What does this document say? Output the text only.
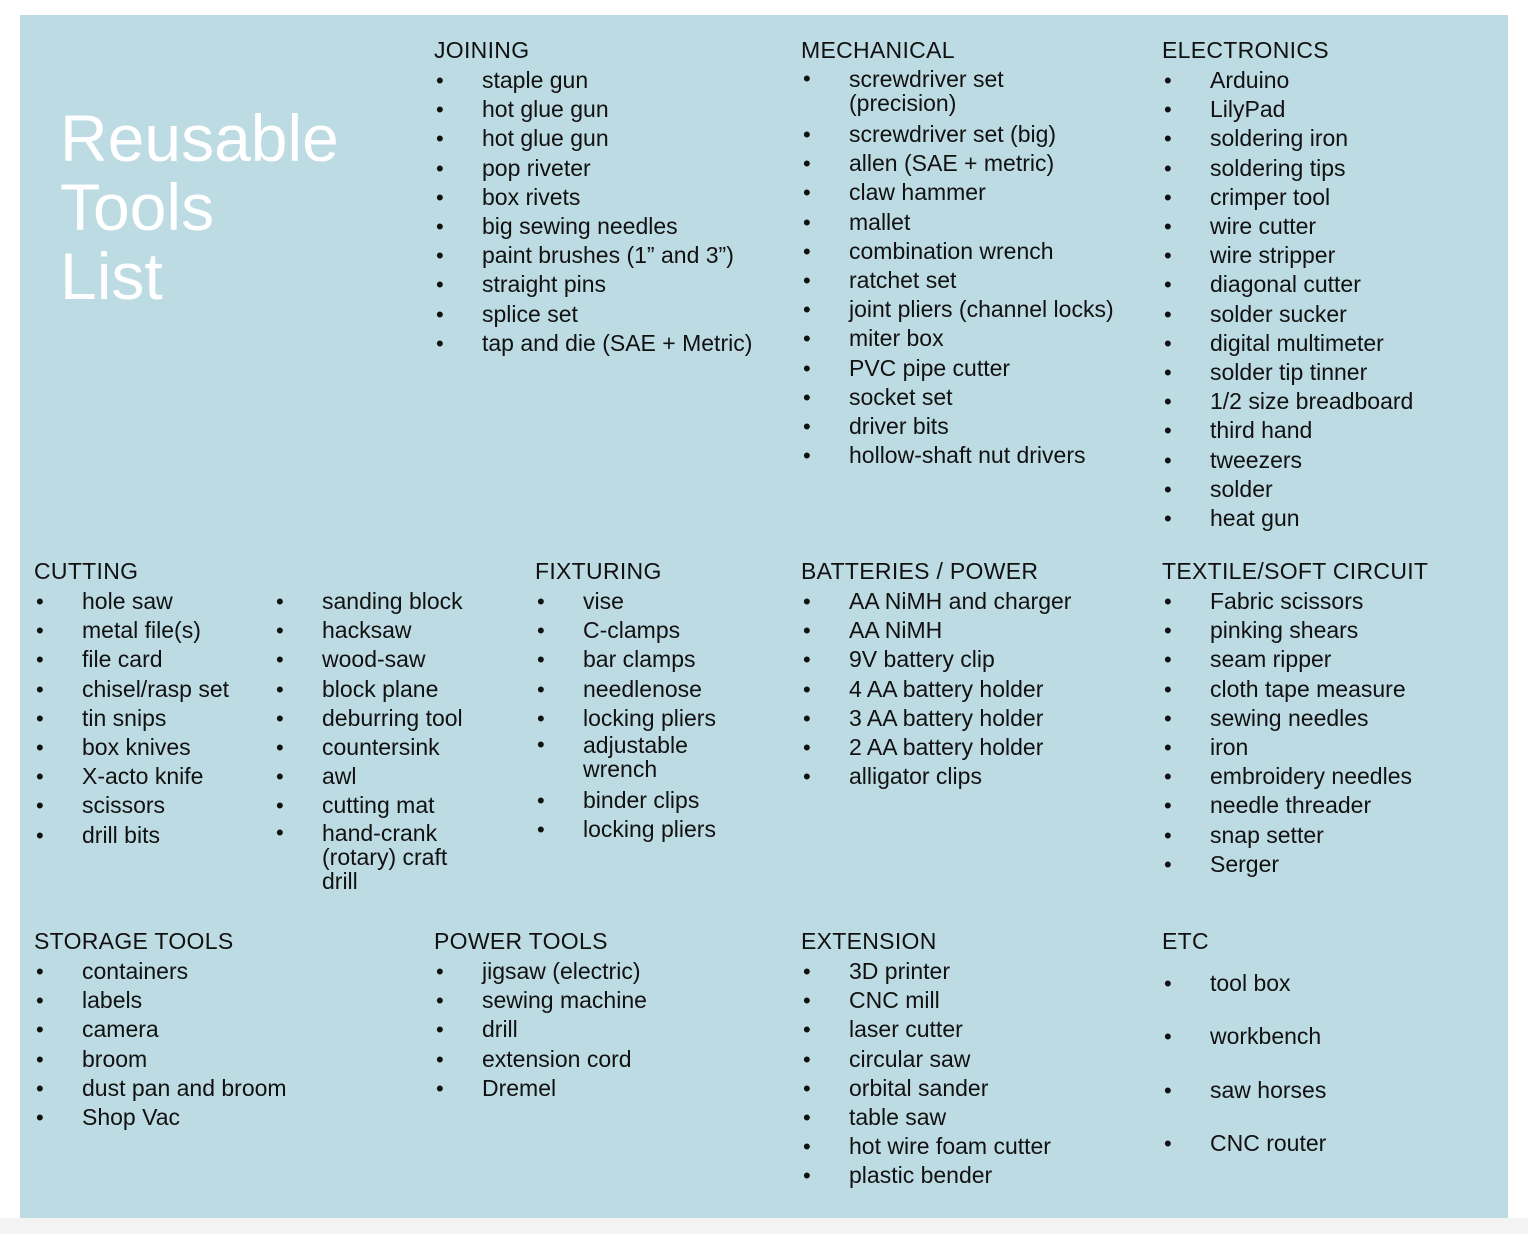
Reusable
Tools
List
JOINING
• staple gun
• hot glue gun
• hot glue gun
• pop riveter
• box rivets
• big sewing needles
• paint brushes (1” and 3”)
• straight pins
• splice set
• tap and die (SAE + Metric)
MECHANICAL
• screwdriver set (precision)
• screwdriver set (big)
• allen (SAE + metric)
• claw hammer
• mallet
• combination wrench
• ratchet set
• joint pliers (channel locks)
• miter box
• PVC pipe cutter
• socket set
• driver bits
• hollow-shaft nut drivers
ELECTRONICS
• Arduino
• LilyPad
• soldering iron
• soldering tips
• crimper tool
• wire cutter
• wire stripper
• diagonal cutter
• solder sucker
• digital multimeter
• solder tip tinner
• 1/2 size breadboard
• third hand
• tweezers
• solder
• heat gun
CUTTING
• hole saw
• metal file(s)
• file card
• chisel/rasp set
• tin snips
• box knives
• X-acto knife
• scissors
• drill bits
• sanding block
• hacksaw
• wood-saw
• block plane
• deburring tool
• countersink
• awl
• cutting mat
• hand-crank (rotary) craft drill
FIXTURING
• vise
• C-clamps
• bar clamps
• needlenose
• locking pliers
• adjustable wrench
• binder clips
• locking pliers
BATTERIES / POWER
• AA NiMH and charger
• AA NiMH
• 9V battery clip
• 4 AA battery holder
• 3 AA battery holder
• 2 AA battery holder
• alligator clips
TEXTILE/SOFT CIRCUIT
• Fabric scissors
• pinking shears
• seam ripper
• cloth tape measure
• sewing needles
• iron
• embroidery needles
• needle threader
• snap setter
• Serger
STORAGE TOOLS
• containers
• labels
• camera
• broom
• dust pan and broom
• Shop Vac
POWER TOOLS
• jigsaw (electric)
• sewing machine
• drill
• extension cord
• Dremel
EXTENSION
• 3D printer
• CNC mill
• laser cutter
• circular saw
• orbital sander
• table saw
• hot wire foam cutter
• plastic bender
ETC
• tool box
• workbench
• saw horses
• CNC router
